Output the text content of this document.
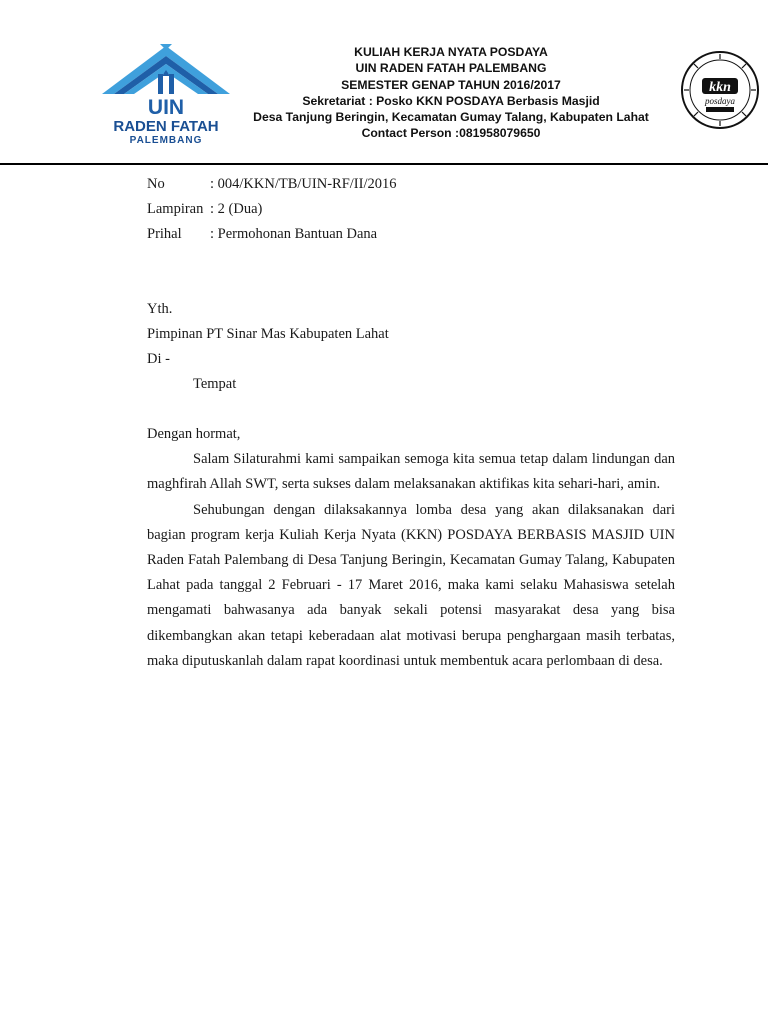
UIN
RADEN FATAH
PALEMBANG
KULIAH KERJA NYATA POSDAYA
UIN RADEN FATAH PALEMBANG
SEMESTER GENAP TAHUN 2016/2017
Sekretariat : Posko KKN POSDAYA Berbasis Masjid
Desa Tanjung Beringin, Kecamatan Gumay Talang, Kabupaten Lahat
Contact Person :081958079650
kkn
posdaya
No	: 004/KKN/TB/UIN-RF/II/2016
Lampiran : 2 (Dua)
Prihal	: Permohonan Bantuan Dana
Yth.
Pimpinan PT Sinar Mas Kabupaten Lahat
Di -
Tempat

Dengan hormat,

Salam Silaturahmi kami sampaikan semoga kita semua tetap dalam lindungan dan maghfirah Allah SWT, serta sukses dalam melaksanakan aktifikas kita sehari-hari, amin.

Sehubungan dengan dilaksakannya lomba desa yang akan dilaksanakan dari bagian program kerja Kuliah Kerja Nyata (KKN) POSDAYA BERBASIS MASJID UIN Raden Fatah Palembang di Desa Tanjung Beringin, Kecamatan Gumay Talang, Kabupaten Lahat pada tanggal 2 Februari - 17 Maret 2016, maka kami selaku Mahasiswa setelah mengamati bahwasanya ada banyak sekali potensi masyarakat desa yang bisa dikembangkan akan tetapi keberadaan alat motivasi berupa penghargaan masih terbatas, maka diputuskanlah dalam rapat koordinasi untuk membentuk acara perlombaan di desa.
